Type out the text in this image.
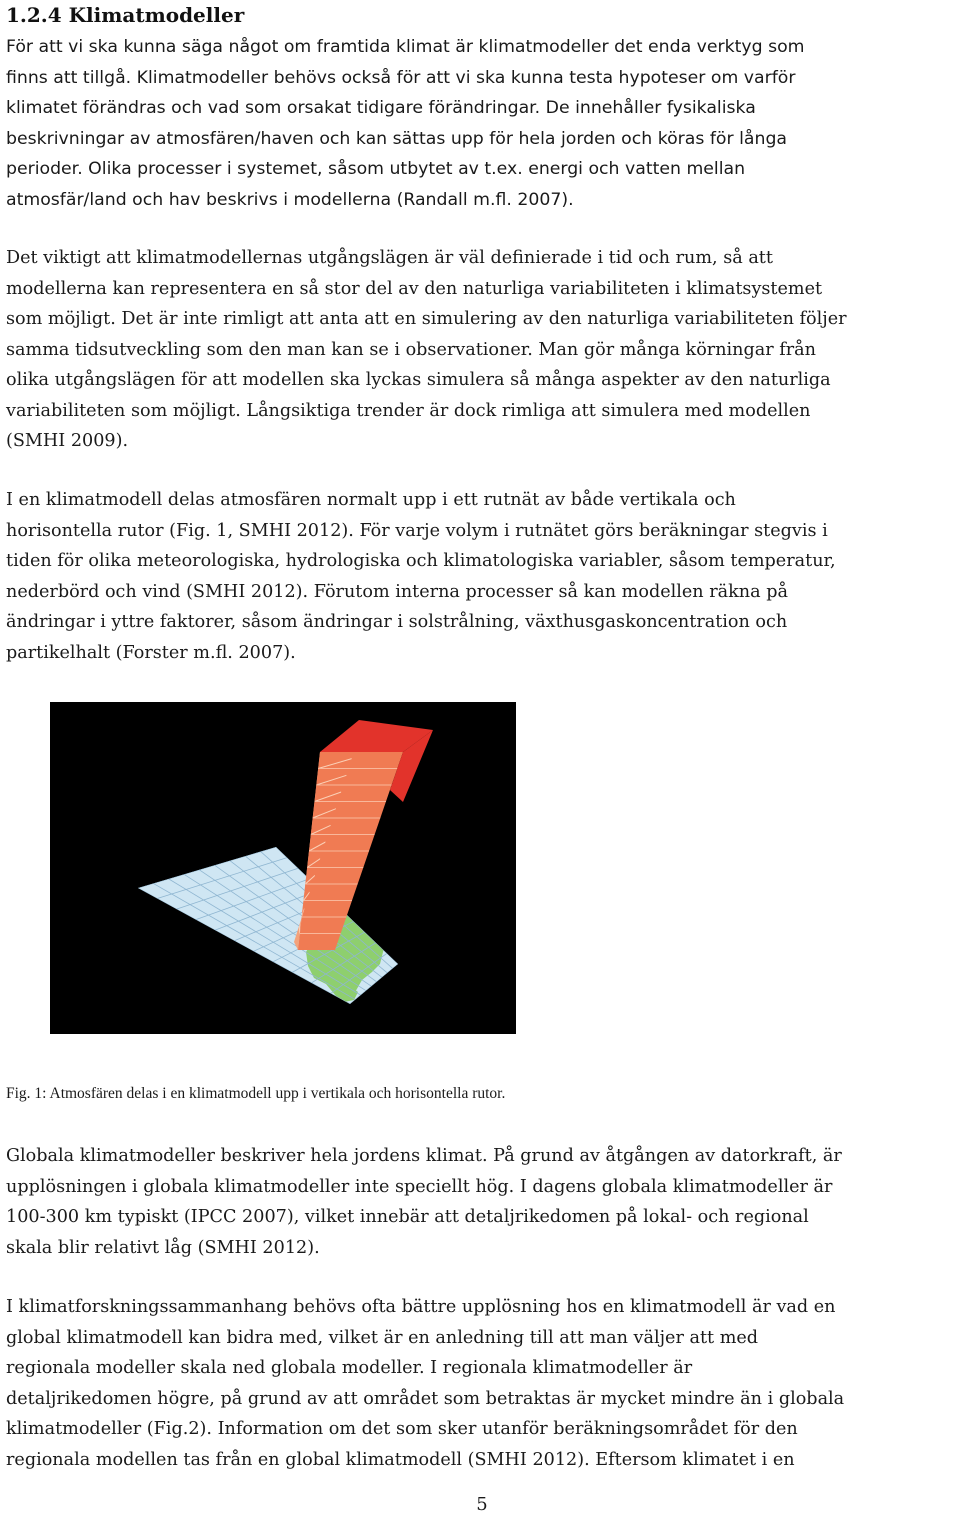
1.2.4 Klimatmodeller
För att vi ska kunna säga något om framtida klimat är klimatmodeller det enda verktyg som
finns att tillgå. Klimatmodeller behövs också för att vi ska kunna testa hypoteser om varför
klimatet förändras och vad som orsakat tidigare förändringar. De innehåller fysikaliska
beskrivningar av atmosfären/haven och kan sättas upp för hela jorden och köras för långa
perioder. Olika processer i systemet, såsom utbytet av t.ex. energi och vatten mellan
atmosfär/land och hav beskrivs i modellerna (Randall m.fl. 2007).
Det viktigt att klimatmodellernas utgångslägen är väl definierade i tid och rum, så att
modellerna kan representera en så stor del av den naturliga variabiliteten i klimatsystemet
som möjligt. Det är inte rimligt att anta att en simulering av den naturliga variabiliteten följer
samma tidsutveckling som den man kan se i observationer. Man gör många körningar från
olika utgångslägen för att modellen ska lyckas simulera så många aspekter av den naturliga
variabiliteten som möjligt. Långsiktiga trender är dock rimliga att simulera med modellen
(SMHI 2009).
I en klimatmodell delas atmosfären normalt upp i ett rutnät av både vertikala och
horisontella rutor (Fig. 1, SMHI 2012). För varje volym i rutnätet görs beräkningar stegvis i
tiden för olika meteorologiska, hydrologiska och klimatologiska variabler, såsom temperatur,
nederbörd och vind (SMHI 2012). Förutom interna processer så kan modellen räkna på
ändringar i yttre faktorer, såsom ändringar i solstrålning, växthusgaskoncentration och
partikelhalt (Forster m.fl. 2007).

Fig. 1: Atmosfären delas i en klimatmodell upp i vertikala och horisontella rutor.

Globala klimatmodeller beskriver hela jordens klimat. På grund av åtgången av datorkraft, är
upplösningen i globala klimatmodeller inte speciellt hög. I dagens globala klimatmodeller är
100-300 km typiskt (IPCC 2007), vilket innebär att detaljrikedomen på lokal- och regional
skala blir relativt låg (SMHI 2012).
I klimatforskningssammanhang behövs ofta bättre upplösning hos en klimatmodell är vad en
global klimatmodell kan bidra med, vilket är en anledning till att man väljer att med
regionala modeller skala ned globala modeller. I regionala klimatmodeller är
detaljrikedomen högre, på grund av att området som betraktas är mycket mindre än i globala
klimatmodeller (Fig.2). Information om det som sker utanför beräkningsområdet för den
regionala modellen tas från en global klimatmodell (SMHI 2012). Eftersom klimatet i en

5
